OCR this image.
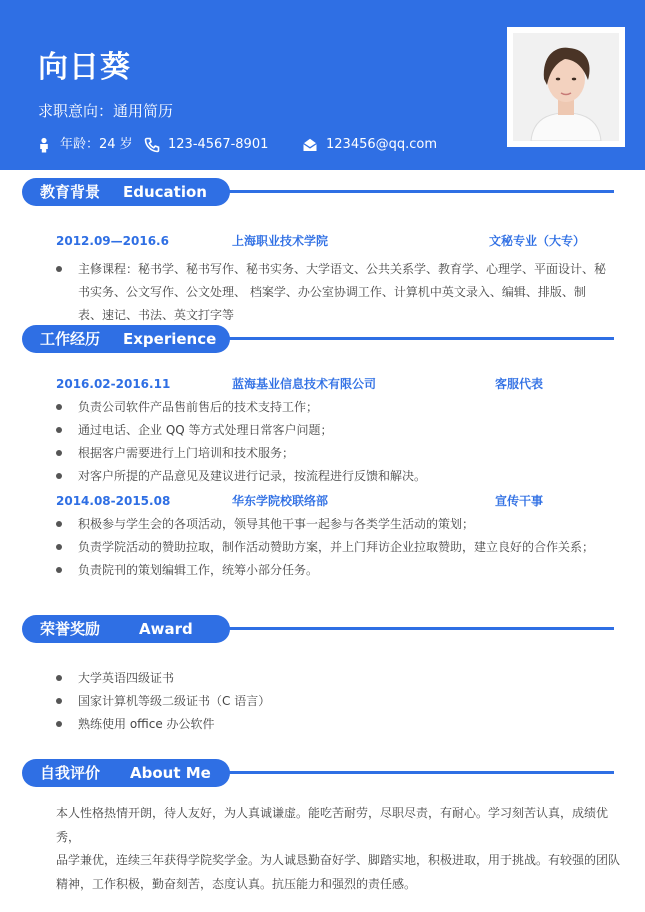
向日葵
求职意向：通用简历
年龄：24 岁	123-4567-8901	123456@qq.com
教育背景 Education
2012.09—2016.6	上海职业技术学院	文秘专业（大专）
主修课程：秘书学、秘书写作、秘书实务、大学语文、公共关系学、教育学、心理学、平面设计、秘书实务、公文写作、公文处理、 档案学、办公室协调工作、计算机中英文录入、编辑、排版、制表、速记、书法、英文打字等
工作经历 Experience
2016.02-2016.11	蓝海基业信息技术有限公司	客服代表
负责公司软件产品售前售后的技术支持工作；
通过电话、企业 QQ 等方式处理日常客户问题；
根据客户需要进行上门培训和技术服务；
对客户所提的产品意见及建议进行记录，按流程进行反馈和解决。
2014.08-2015.08	华东学院校联络部	宣传干事
积极参与学生会的各项活动，领导其他干事一起参与各类学生活动的策划；
负责学院活动的赞助拉取，制作活动赞助方案，并上门拜访企业拉取赞助，建立良好的合作关系；
负责院刊的策划编辑工作，统筹小部分任务。
荣誉奖励	Award
大学英语四级证书
国家计算机等级二级证书（C 语言）
熟练使用 office 办公软件
自我评价 About Me
本人性格热情开朗，待人友好，为人真诚谦虚。能吃苦耐劳，尽职尽责，有耐心。学习刻苦认真，成绩优秀，
品学兼优，连续三年获得学院奖学金。为人诚恳勤奋好学、脚踏实地，积极进取，用于挑战。有较强的团队
精神，工作积极，勤奋刻苦，态度认真。抗压能力和强烈的责任感。
